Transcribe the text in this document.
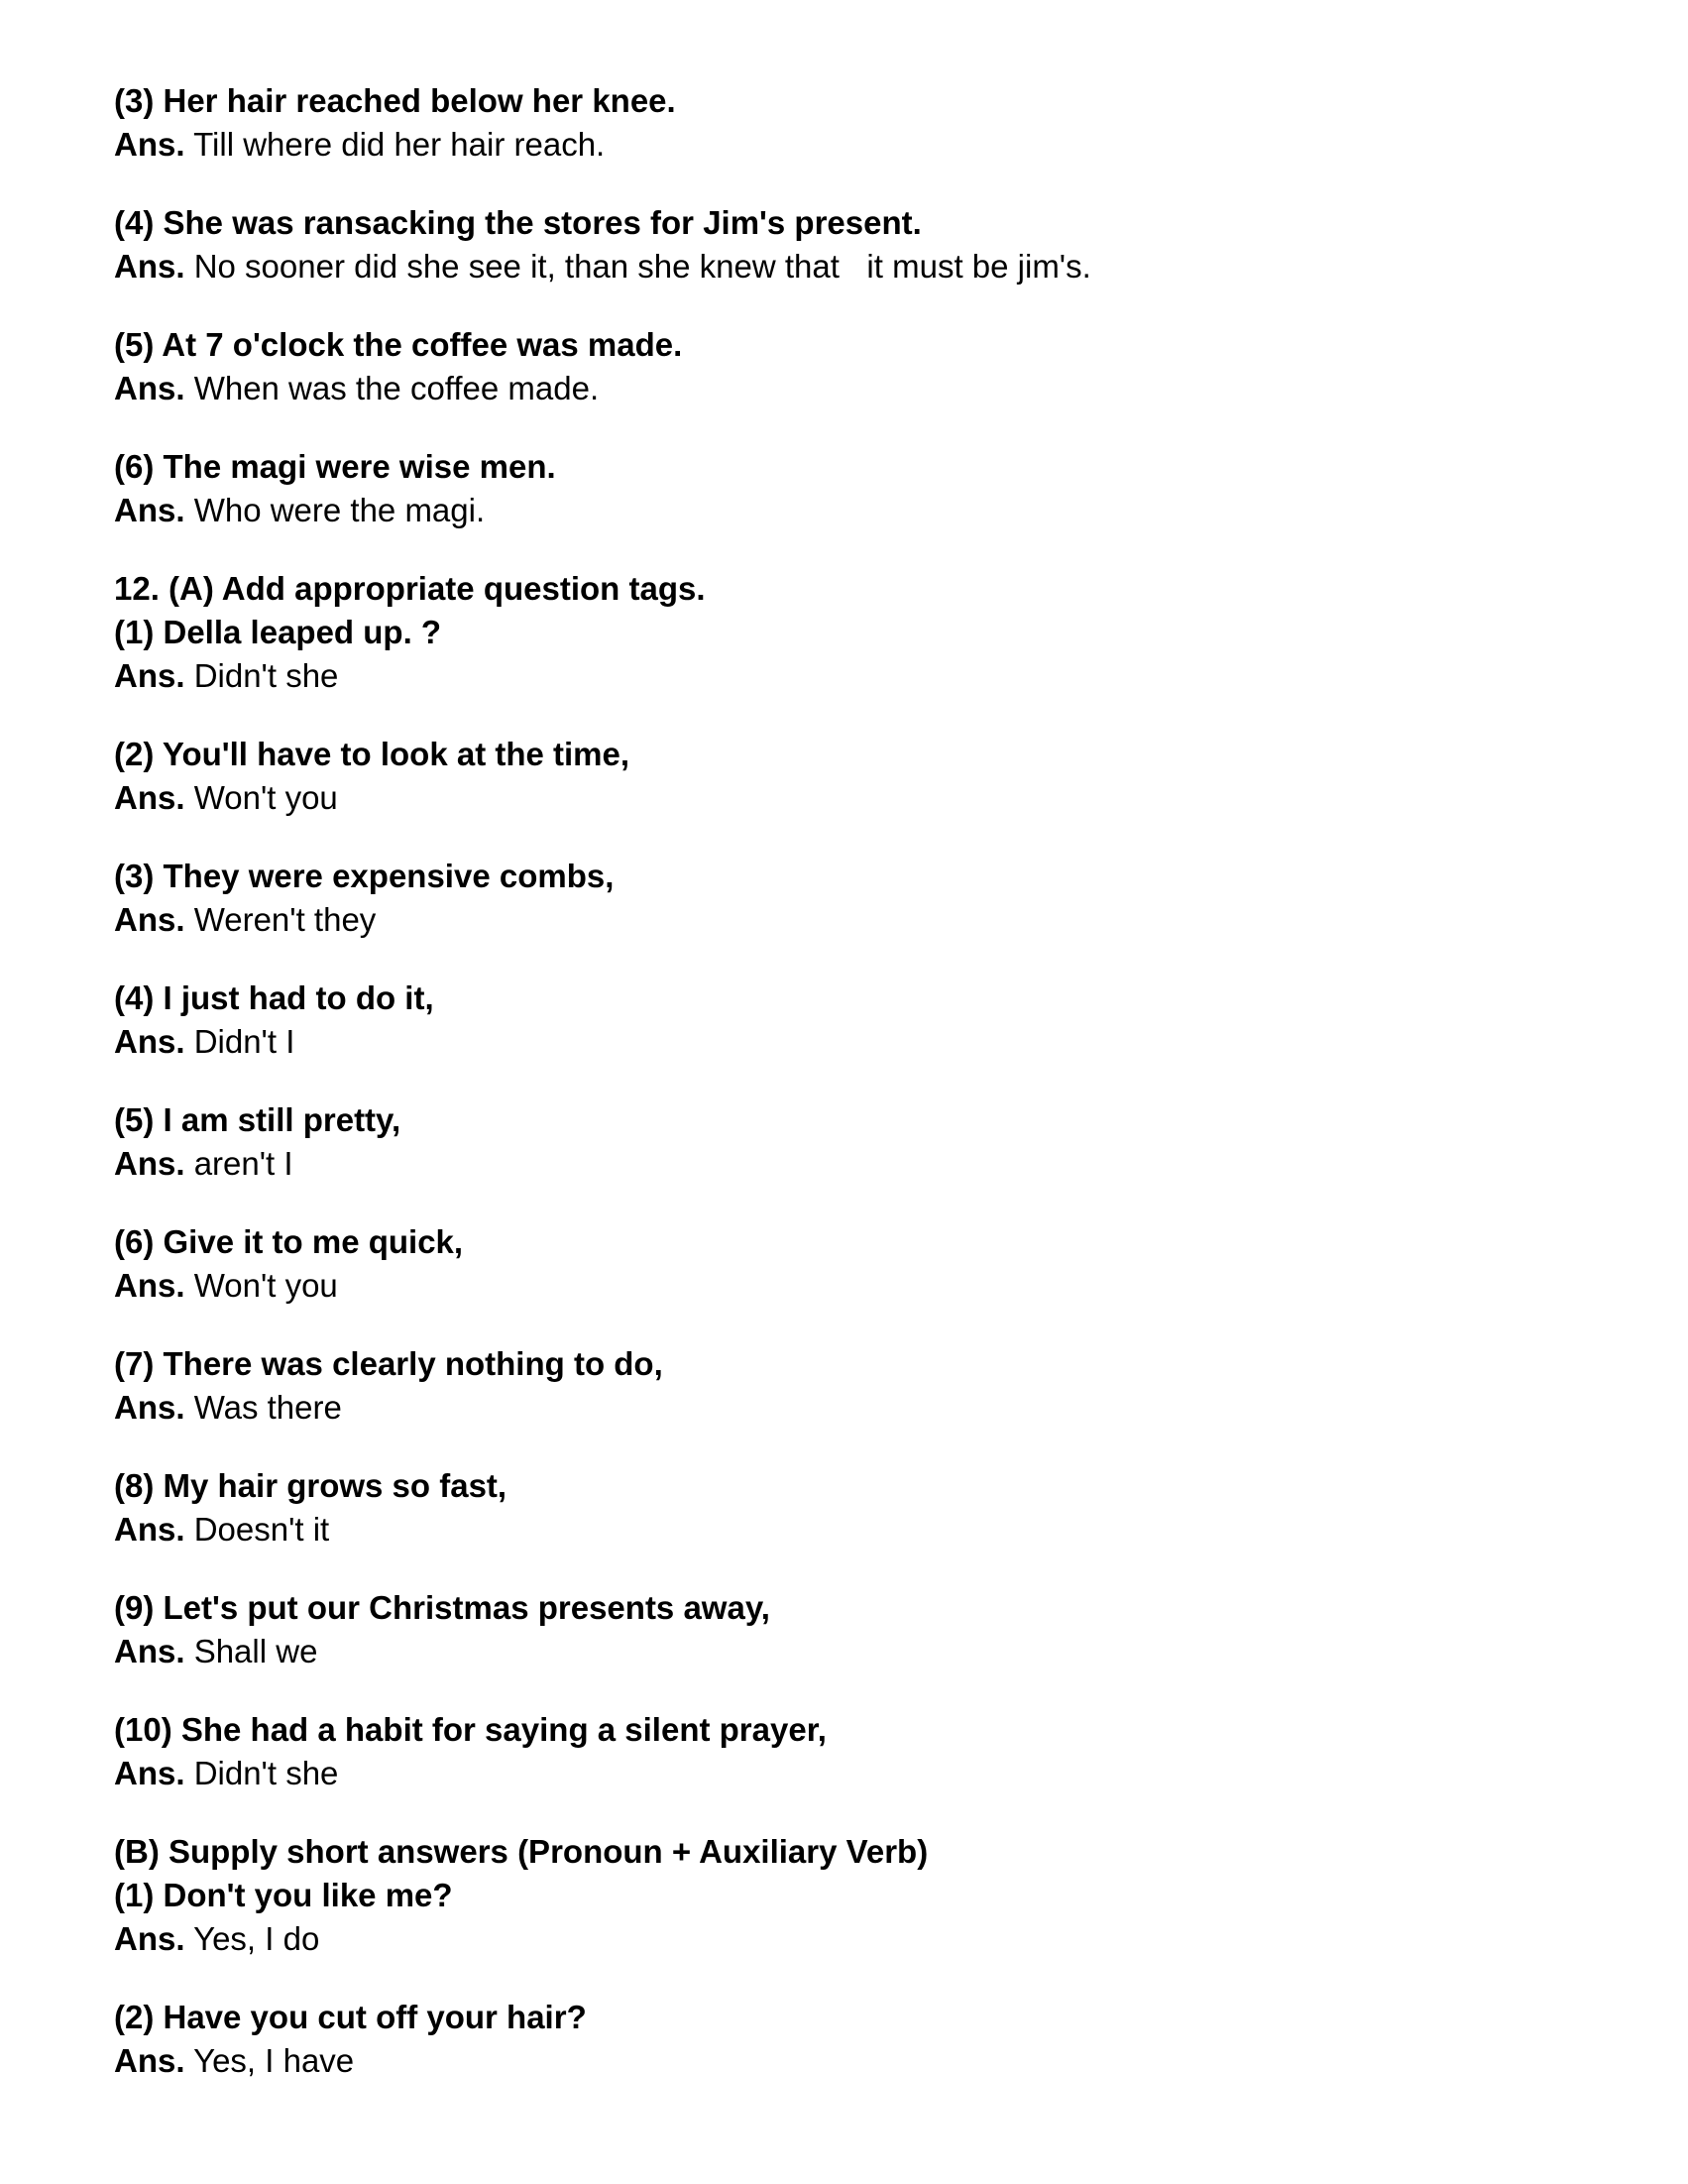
(3) Her hair reached below her knee.
Ans. Till where did her hair reach.
(4) She was ransacking the stores for Jim's present.
Ans. No sooner did she see it, than she knew that   it must be jim's.
(5) At 7 o'clock the coffee was made.
Ans. When was the coffee made.
(6) The magi were wise men.
Ans. Who were the magi.
12. (A) Add appropriate question tags.
(1) Della leaped up. ?
Ans. Didn't she
(2) You'll have to look at the time,
Ans. Won't you
(3) They were expensive combs,
Ans. Weren't they
(4) I just had to do it,
Ans. Didn't I
(5) I am still pretty,
Ans. aren't I
(6) Give it to me quick,
Ans. Won't you
(7) There was clearly nothing to do,
Ans. Was there
(8) My hair grows so fast,
Ans. Doesn't it
(9) Let's put our Christmas presents away,
Ans. Shall we
(10) She had a habit for saying a silent prayer,
Ans. Didn't she
(B) Supply short answers (Pronoun + Auxiliary Verb)
(1) Don't you like me?
Ans. Yes, I do
(2) Have you cut off your hair?
Ans. Yes, I have
